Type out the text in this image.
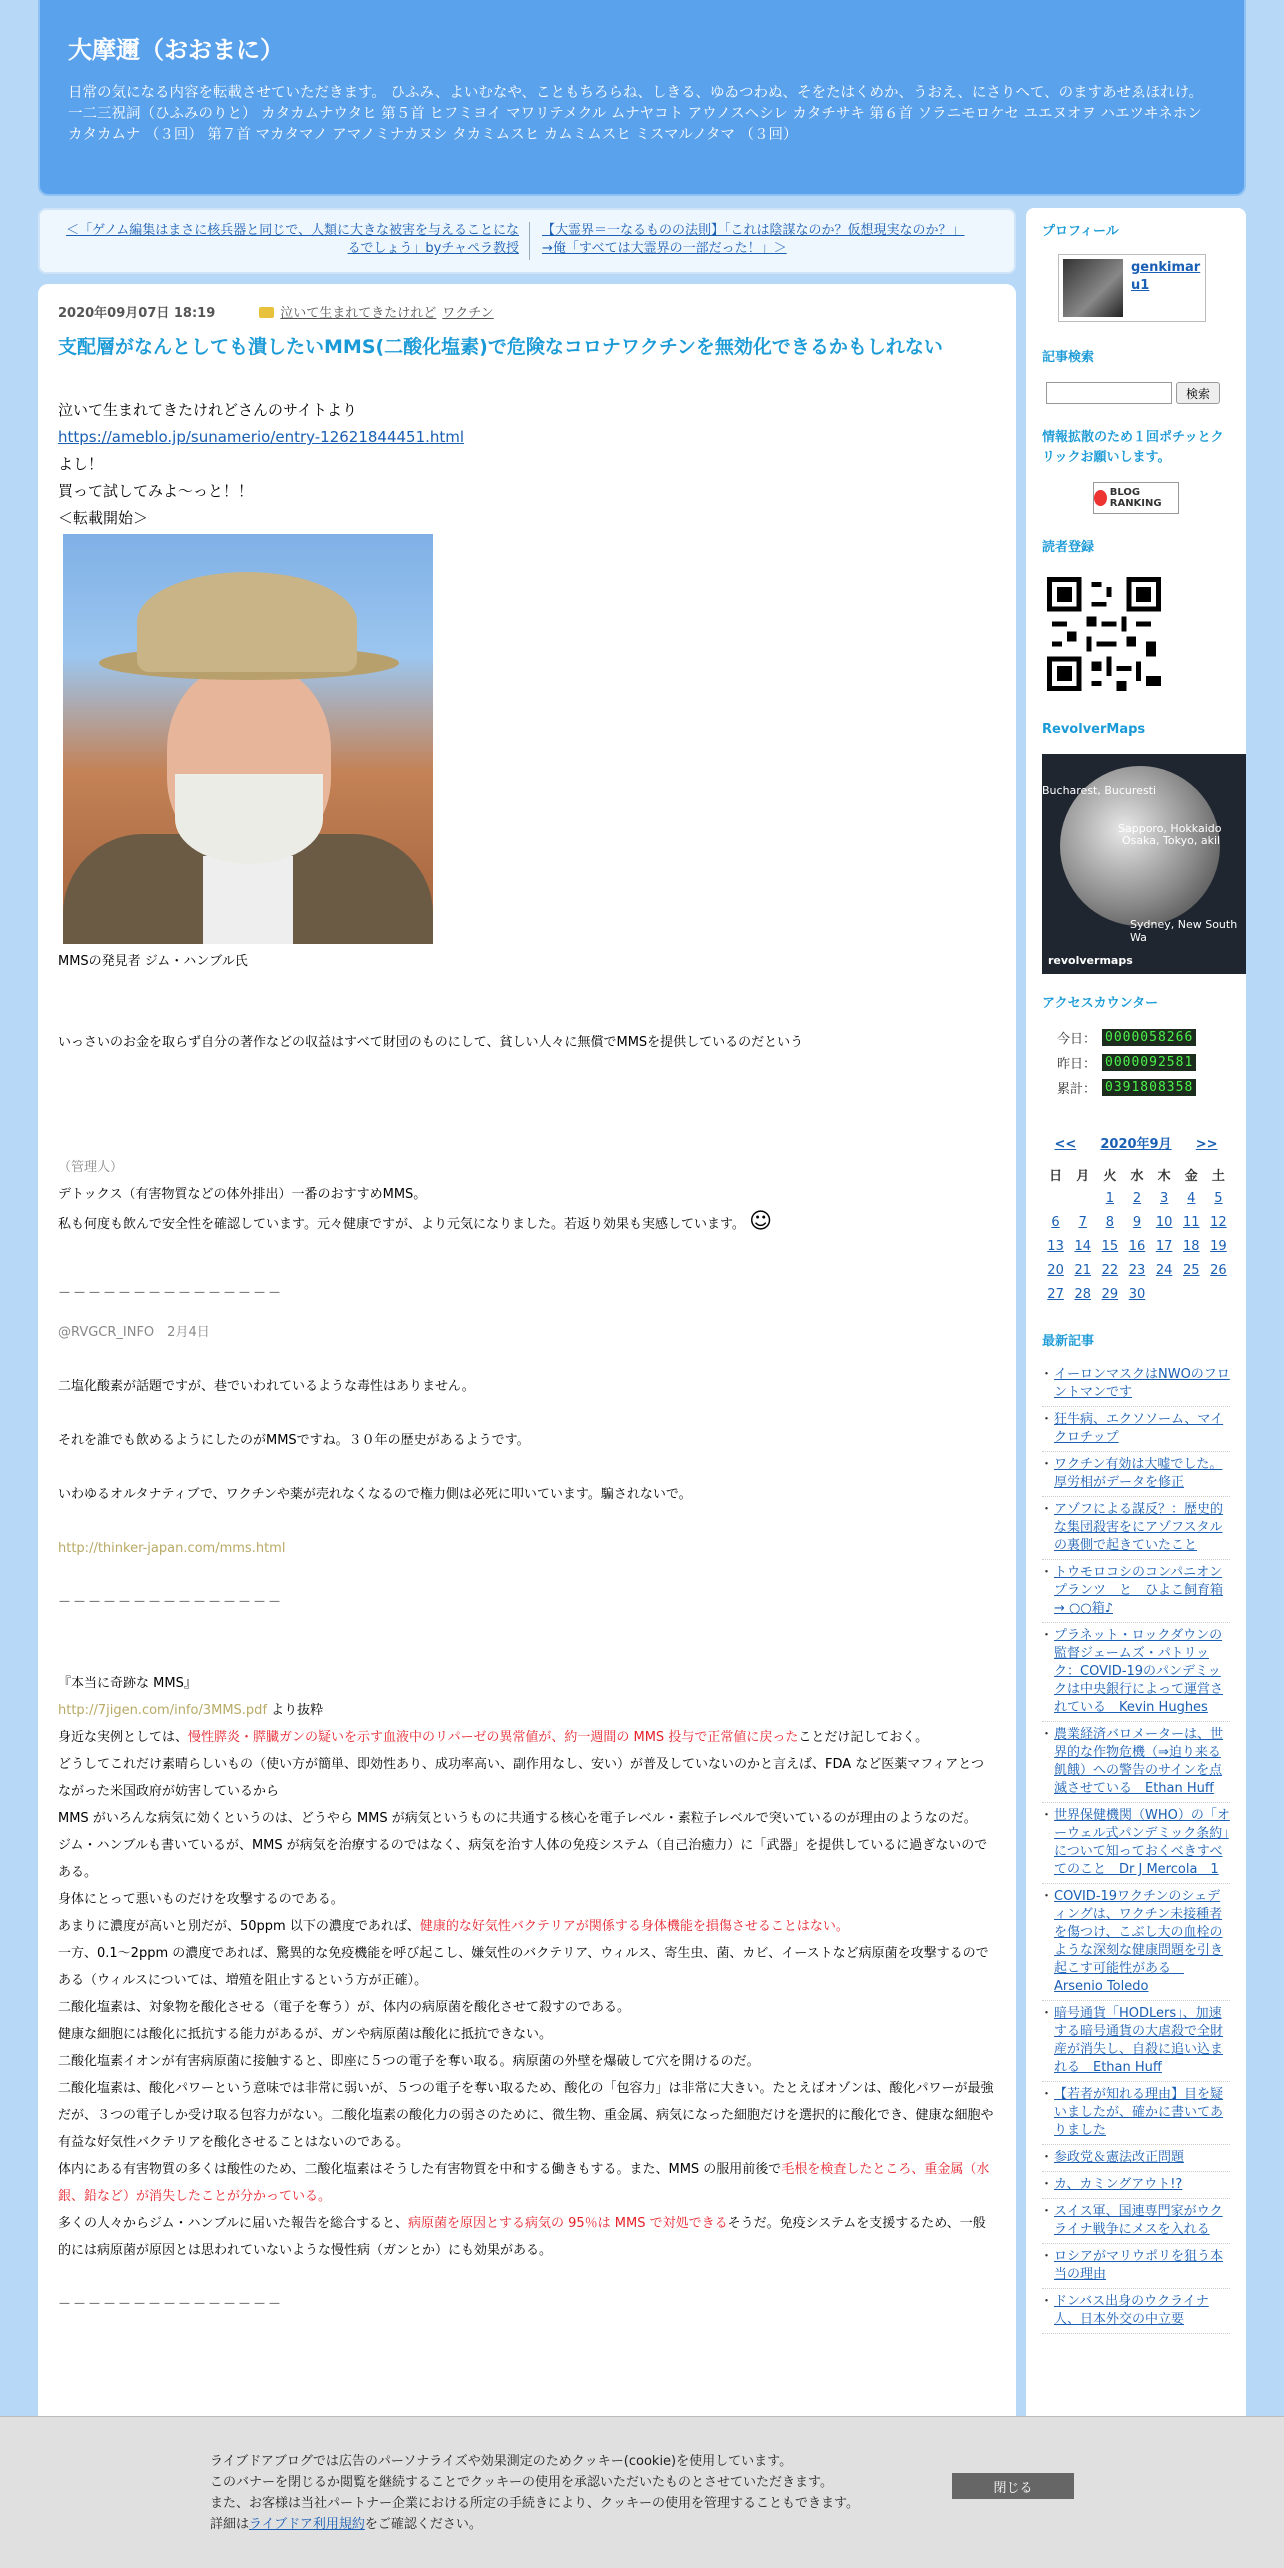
大摩邇（おおまに）
日常の気になる内容を転載させていただきます。 ひふみ、よいむなや、こともちろらね、しきる、ゆゐつわぬ、そをたはくめか、うおえ、にさりへて、のますあせゑほれけ。一二三祝詞（ひふみのりと） カタカムナウタヒ 第５首 ヒフミヨイ マワリテメクル ムナヤコト アウノスヘシレ カタチサキ 第６首 ソラニモロケセ ユエヌオヲ ハエツヰネホン カタカムナ （３回） 第７首 マカタマノ アマノミナカヌシ タカミムスヒ カムミムスヒ ミスマルノタマ （３回）
＜「ゲノム編集はまさに核兵器と同じで、人類に大きな被害を与えることになるでしょう」byチャペラ教授
【大霊界＝一なるものの法則】「これは陰謀なのか？仮想現実なのか？」→俺「すべては大霊界の一部だった！」＞
2020年09月07日 18:19	泣いて生まれてきたけれど ワクチン
支配層がなんとしても潰したいMMS(二酸化塩素)で危険なコロナワクチンを無効化できるかもしれない
泣いて生まれてきたけれどさんのサイトより
https://ameblo.jp/sunamerio/entry-12621844451.html
よし！
買って試してみよ～っと！！
＜転載開始＞
MMSの発見者 ジム・ハンブル氏
いっさいのお金を取らず自分の著作などの収益はすべて財団のものにして、貧しい人々に無償でMMSを提供しているのだという
（管理人）
デトックス（有害物質などの体外排出）一番のおすすめMMS。
私も何度も飲んで安全性を確認しています。元々健康ですが、より元気になりました。若返り効果も実感しています。 ☺
－－－－－－－－－－－－－－－
@RVGCR_INFO　2月4日
二塩化酸素が話題ですが、巷でいわれているような毒性はありません。
それを誰でも飲めるようにしたのがMMSですね。３０年の歴史があるようです。
いわゆるオルタナティブで、ワクチンや薬が売れなくなるので権力側は必死に叩いています。騙されないで。
http://thinker-japan.com/mms.html
－－－－－－－－－－－－－－－
『本当に奇跡な MMS』
http://7jigen.com/info/3MMS.pdf より抜粋
身近な実例としては、慢性膵炎・膵臓ガンの疑いを示す血液中のリパーゼの異常値が、約一週間の MMS 投与で正常値に戻ったことだけ記しておく。
どうしてこれだけ素晴らしいもの（使い方が簡単、即効性あり、成功率高い、副作用なし、安い）が普及していないのかと言えば、FDA など医薬マフィアとつながった米国政府が妨害しているから
MMS がいろんな病気に効くというのは、どうやら MMS が病気というものに共通する核心を電子レベル・素粒子レベルで突いているのが理由のようなのだ。
ジム・ハンブルも書いているが、MMS が病気を治療するのではなく、病気を治す人体の免疫システム（自己治癒力）に「武器」を提供しているに過ぎないのである。
身体にとって悪いものだけを攻撃するのである。
あまりに濃度が高いと別だが、50ppm 以下の濃度であれば、健康的な好気性バクテリアが関係する身体機能を損傷させることはない。
一方、0.1～2ppm の濃度であれば、驚異的な免疫機能を呼び起こし、嫌気性のバクテリア、ウィルス、寄生虫、菌、カビ、イーストなど病原菌を攻撃するのである（ウィルスについては、増殖を阻止するという方が正確）。
二酸化塩素は、対象物を酸化させる（電子を奪う）が、体内の病原菌を酸化させて殺すのである。
健康な細胞には酸化に抵抗する能力があるが、ガンや病原菌は酸化に抵抗できない。
二酸化塩素イオンが有害病原菌に接触すると、即座に５つの電子を奪い取る。病原菌の外壁を爆破して穴を開けるのだ。
二酸化塩素は、酸化パワーという意味では非常に弱いが、５つの電子を奪い取るため、酸化の「包容力」は非常に大きい。たとえばオゾンは、酸化パワーが最強だが、３つの電子しか受け取る包容力がない。二酸化塩素の酸化力の弱さのために、微生物、重金属、病気になった細胞だけを選択的に酸化でき、健康な細胞や有益な好気性バクテリアを酸化させることはないのである。
体内にある有害物質の多くは酸性のため、二酸化塩素はそうした有害物質を中和する働きもする。また、MMS の服用前後で毛根を検査したところ、重金属（水銀、鉛など）が消失したことが分かっている。
多くの人々からジム・ハンブルに届いた報告を総合すると、病原菌を原因とする病気の 95％は MMS で対処できるそうだ。免疫システムを支援するため、一般的には病原菌が原因とは思われていないような慢性病（ガンとか）にも効果がある。
－－－－－－－－－－－－－－－
プロフィール
genkimaru1
記事検索
検索
情報拡散のため１回ポチッとクリックお願いします。
BLOG RANKING
読者登録
RevolverMaps
Bucharest, Bucuresti
Sapporo, Hokkaido
Osaka, Tokyo, akil
Sydney, New South Wa
revolvermaps
アクセスカウンター
今日： 0000058266
昨日： 0000092581
累計： 0391808358
<< 2020年9月 >>
日	月	火	水	木	金	土
		1	2	3	4	5
6	7	8	9	10	11	12
13	14	15	16	17	18	19
20	21	22	23	24	25	26
27	28	29	30			
最新記事
・ イーロンマスクはNWOのフロントマンです
・ 狂牛病、エクソソーム、マイクロチップ
・ ワクチン有効は大嘘でした。厚労相がデータを修正
・ アゾフによる謀反？：歴史的な集団殺害をにアゾフスタルの裏側で起きていたこと
・ トウモロコシのコンパニオンプランツ　と　ひよこ飼育箱 → ○○箱♪
・ プラネット・ロックダウンの監督ジェームズ・パトリック：COVID-19のパンデミックは中央銀行によって運営されている　Kevin Hughes
・ 農業経済バロメーターは、世界的な作物危機（⇒迫り来る飢餓）への警告のサインを点滅させている　Ethan Huff
・ 世界保健機関（WHO）の「オーウェル式パンデミック条約」について知っておくべきすべてのこと　Dr J Mercola　1
・ COVID-19ワクチンのシェディングは、ワクチン未接種者を傷つけ、こぶし大の血栓のような深刻な健康問題を引き起こす可能性がある　Arsenio Toledo
・ 暗号通貨「HODLers」、加速する暗号通貨の大虐殺で全財産が消失し、自殺に追い込まれる　Ethan Huff
・ 【若者が知れる理由】目を疑いましたが、確かに書いてありました
・ 参政党＆憲法改正問題
・ カ、カミングアウト!?
・ スイス軍、国連専門家がウクライナ戦争にメスを入れる
・ ロシアがマリウポリを狙う本当の理由
・ ドンバス出身のウクライナ人、日本外交の中立要
ライブドアブログでは広告のパーソナライズや効果測定のためクッキー(cookie)を使用しています。
このバナーを閉じるか閲覧を継続することでクッキーの使用を承認いただいたものとさせていただきます。
また、お客様は当社パートナー企業における所定の手続きにより、クッキーの使用を管理することもできます。
詳細はライブドア利用規約をご確認ください。
閉じる
